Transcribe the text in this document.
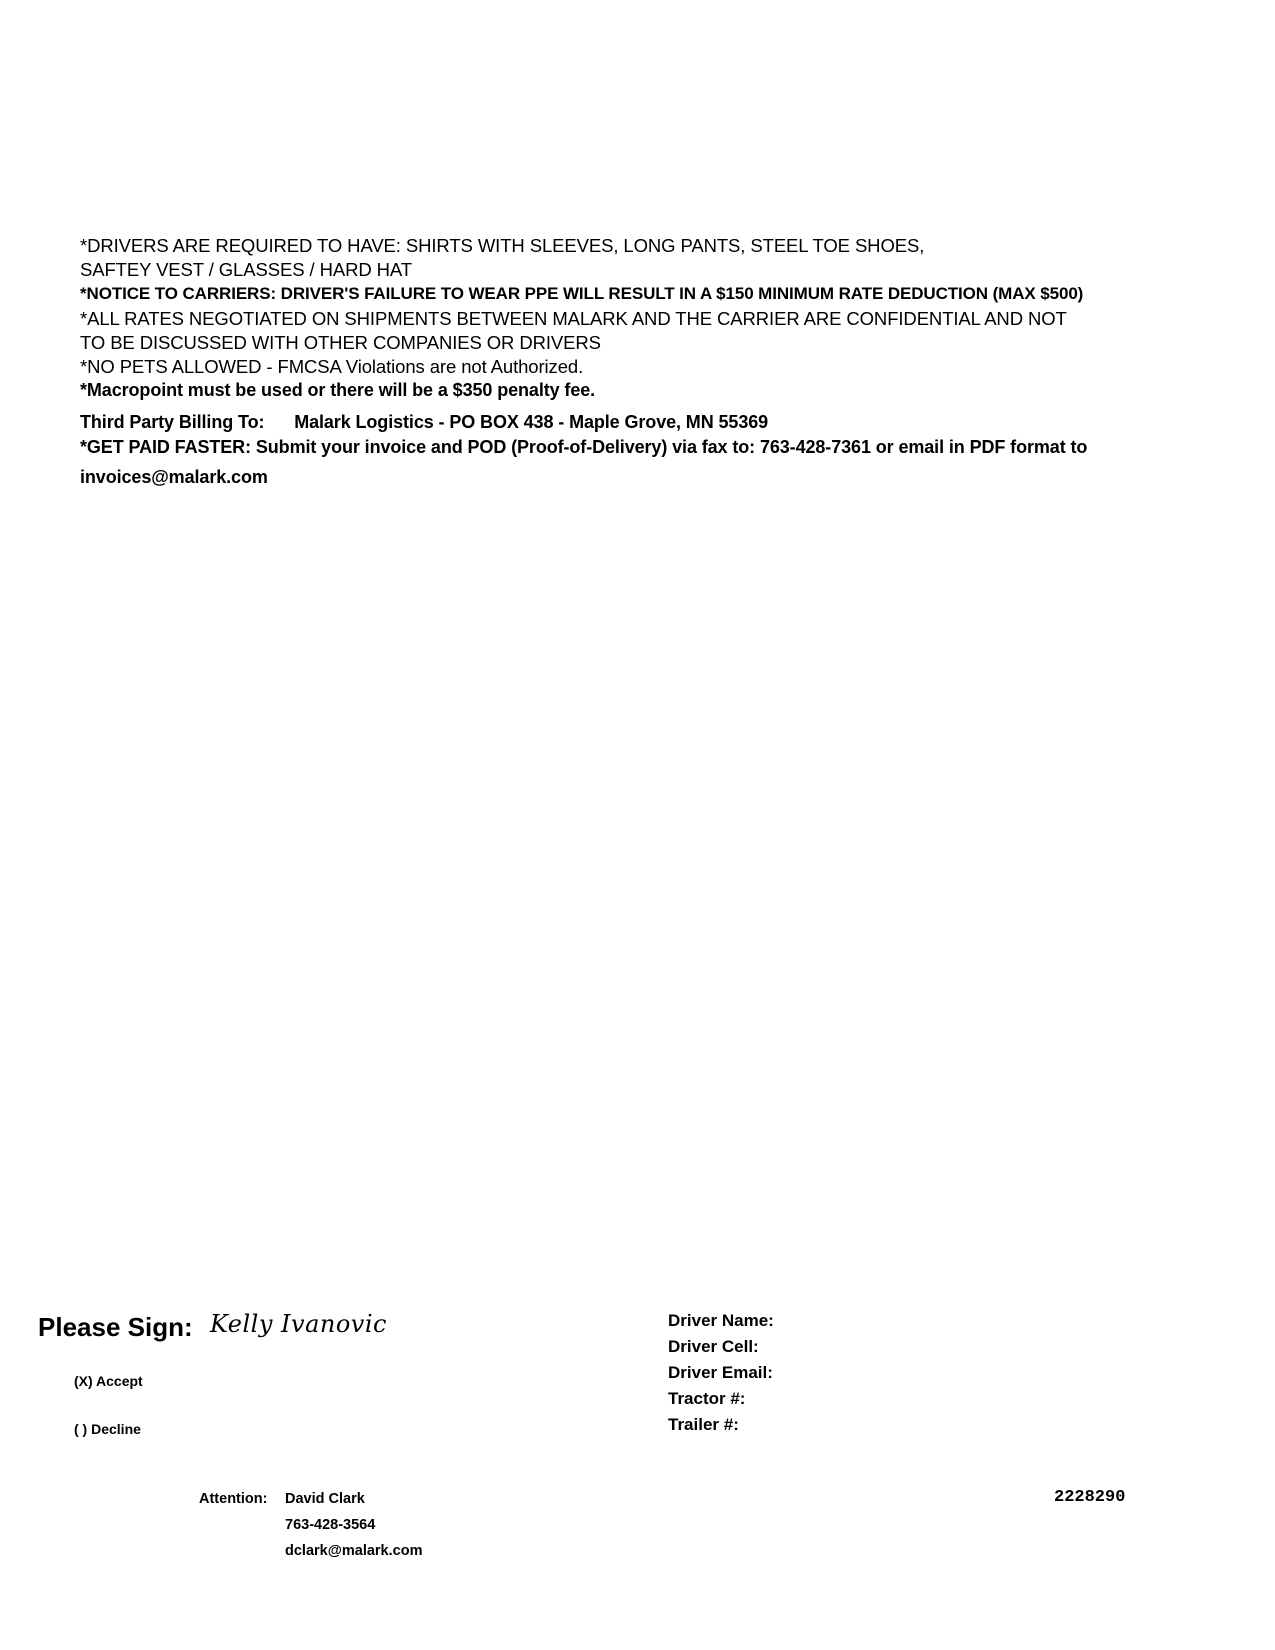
*DRIVERS ARE REQUIRED TO HAVE: SHIRTS WITH SLEEVES, LONG PANTS, STEEL TOE SHOES,
SAFTEY VEST / GLASSES / HARD HAT
*NOTICE TO CARRIERS: DRIVER'S FAILURE TO WEAR PPE WILL RESULT IN A $150 MINIMUM RATE DEDUCTION (MAX $500)
*ALL RATES NEGOTIATED ON SHIPMENTS BETWEEN MALARK AND THE CARRIER ARE CONFIDENTIAL AND NOT
TO BE DISCUSSED WITH OTHER COMPANIES OR DRIVERS
*NO PETS ALLOWED - FMCSA Violations are not Authorized.
*Macropoint must be used or there will be a $350 penalty fee.
Third Party Billing To: Malark Logistics - PO BOX 438 - Maple Grove, MN 55369
*GET PAID FASTER: Submit your invoice and POD (Proof-of-Delivery) via fax to: 763-428-7361 or email in PDF format to
invoices@malark.com
Please Sign: Kelly Ivanovic
(X) Accept
( ) Decline
Driver Name:
Driver Cell:
Driver Email:
Tractor #:
Trailer #:
Attention: David Clark
763-428-3564
dclark@malark.com
2228290
